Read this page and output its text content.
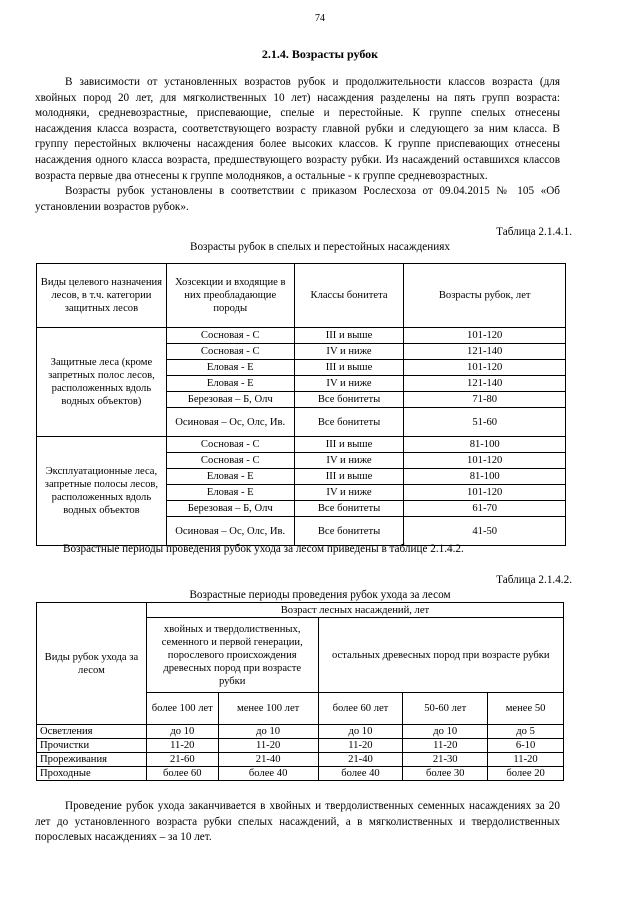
74
2.1.4. Возрасты рубок

В зависимости от установленных возрастов рубок и продолжительности классов возраста (для хвойных пород 20 лет, для мягколиственных 10 лет) насаждения разделены на пять групп возраста: молодняки, средневозрастные, приспевающие, спелые и перестойные. К группе спелых отнесены насаждения класса возраста, соответствующего возрасту главной рубки и следующего за ним класса. В группу перестойных включены насаждения более высоких классов. К группе приспевающих отнесены насаждения одного класса возраста, предшествующего возрасту рубки. Из насаждений оставшихся классов возраста первые два отнесены к группе молодняков, а остальные - к группе средневозрастных.

Возрасты рубок установлены в соответствии с приказом Рослесхоза от 09.04.2015 № 105 «Об установлении возрастов рубок».

Таблица 2.1.4.1.
Возрасты рубок в спелых и перестойных насаждениях
Виды целевого назначения лесов, в т.ч. категории защитных лесов	Хозсекции и входящие в них преобладающие породы	Классы бонитета	Возрасты рубок, лет
Защитные леса (кроме запретных полос лесов, расположенных вдоль водных объектов)	Сосновая - С	III и выше	101-120
	Сосновая - С	IV и ниже	121-140
	Еловая - Е	III и выше	101-120
	Еловая - Е	IV и ниже	121-140
	Березовая – Б, Олч	Все бонитеты	71-80
	Осиновая – Ос, Олс, Ив.	Все бонитеты	51-60
Эксплуатационные леса, запретные полосы лесов, расположенных вдоль водных объектов	Сосновая - С	III и выше	81-100
	Сосновая - С	IV и ниже	101-120
	Еловая - Е	III и выше	81-100
	Еловая - Е	IV и ниже	101-120
	Березовая – Б, Олч	Все бонитеты	61-70
	Осиновая – Ос, Олс, Ив.	Все бонитеты	41-50
Возрастные периоды проведения рубок ухода за лесом приведены в таблице 2.1.4.2.
Таблица 2.1.4.2.
Возрастные периоды проведения рубок ухода за лесом
Виды рубок ухода за лесом	Возраст лесных насаждений, лет				
	хвойных и твердолиственных, семенного и первой генерации, порослевого происхождения древесных пород при возрасте рубки		остальных древесных пород при возрасте рубки		
	более 100 лет	менее 100 лет	более 60 лет	50-60 лет	менее 50
Осветления	до 10	до 10	до 10	до 10	до 5
Прочистки	11-20	11-20	11-20	11-20	6-10
Прореживания	21-60	21-40	21-40	21-30	11-20
Проходные	более 60	более 40	более 40	более 30	более 20

Проведение рубок ухода заканчивается в хвойных и твердолиственных семенных насаждениях за 20 лет до установленного возраста рубки спелых насаждений, а в мягколиственных и твердолиственных порослевых насаждениях – за 10 лет.
